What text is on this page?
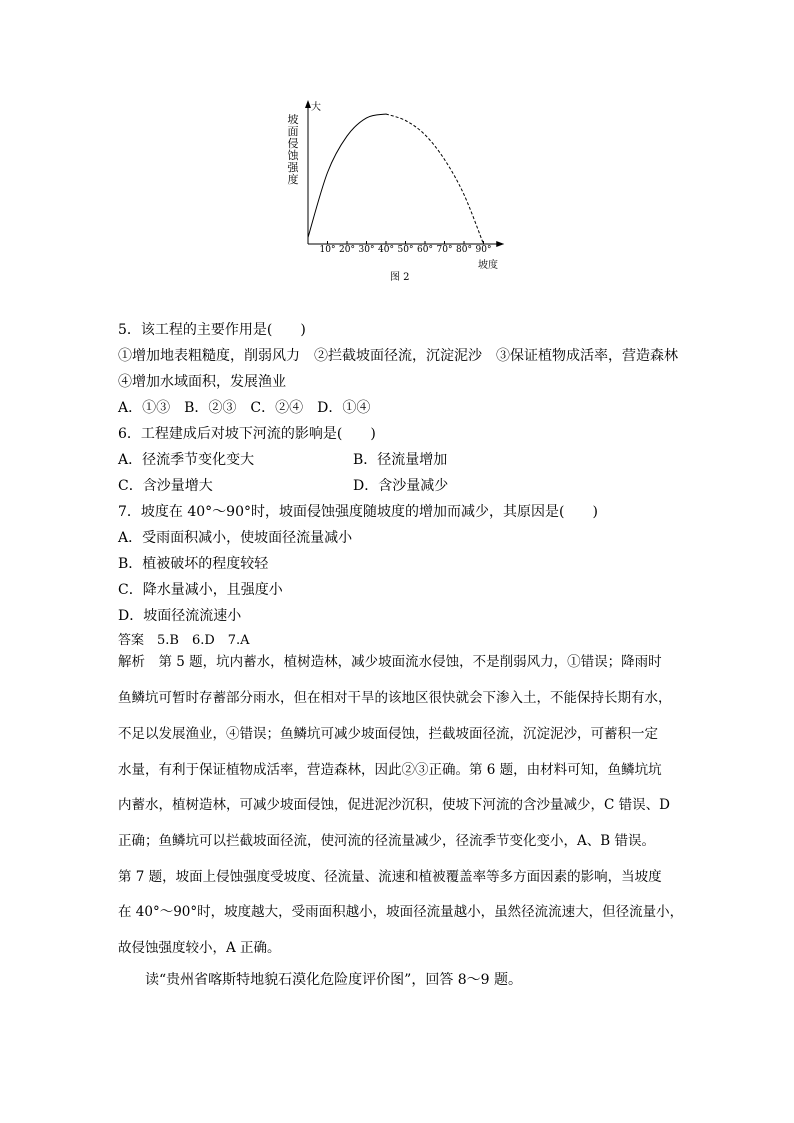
坡
面
侵
蚀
强
度
大
坡度
图 2
10° 20° 30° 40° 50° 60° 70° 80° 90°
5．该工程的主要作用是(　　)
①增加地表粗糙度，削弱风力　②拦截坡面径流，沉淀泥沙　③保证植物成活率，营造森林
④增加水域面积，发展渔业
A．①③　B．②③　C．②④　D．①④
6．工程建成后对坡下河流的影响是(　　)
A．径流季节变化变大	B．径流量增加
C．含沙量增大	D．含沙量减少
7．坡度在 40°～90°时，坡面侵蚀强度随坡度的增加而减少，其原因是(　　)
A．受雨面积减小，使坡面径流量减小
B．植被破坏的程度较轻
C．降水量减小，且强度小
D．坡面径流流速小
答案　5.B　6.D　7.A
解析　第 5 题，坑内蓄水，植树造林，减少坡面流水侵蚀，不是削弱风力，①错误；降雨时
鱼鳞坑可暂时存蓄部分雨水，但在相对干旱的该地区很快就会下渗入土，不能保持长期有水，
不足以发展渔业，④错误；鱼鳞坑可减少坡面侵蚀，拦截坡面径流，沉淀泥沙，可蓄积一定
水量，有利于保证植物成活率，营造森林，因此②③正确。第 6 题，由材料可知，鱼鳞坑坑
内蓄水，植树造林，可减少坡面侵蚀，促进泥沙沉积，使坡下河流的含沙量减少，C 错误、D
正确；鱼鳞坑可以拦截坡面径流，使河流的径流量减少，径流季节变化变小，A、B 错误。
第 7 题，坡面上侵蚀强度受坡度、径流量、流速和植被覆盖率等多方面因素的影响，当坡度
在 40°～90°时，坡度越大，受雨面积越小，坡面径流量越小，虽然径流流速大，但径流量小，
故侵蚀强度较小，A 正确。
读“贵州省喀斯特地貌石漠化危险度评价图”，回答 8～9 题。
